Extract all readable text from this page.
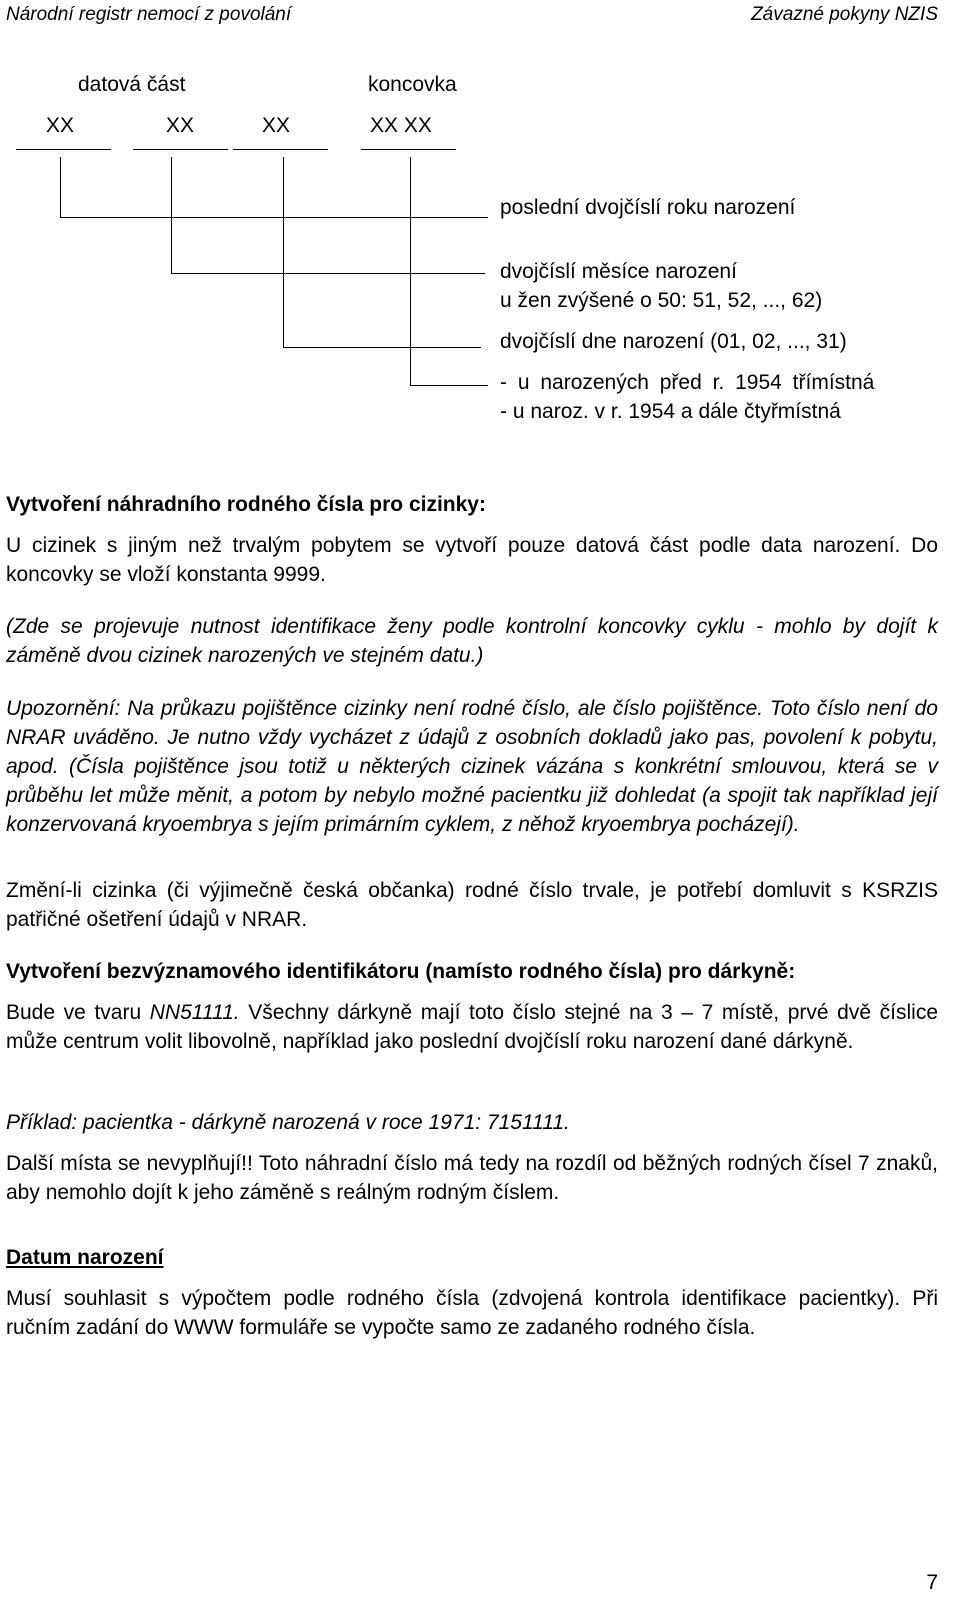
Národní registr nemocí z povolání	Závazné pokyny NZIS
datová část	koncovka
XX	XX	XX	XX XX
poslední dvojčíslí roku narození
dvojčíslí měsíce narození
u žen zvýšené o 50: 51, 52, ..., 62)
dvojčíslí dne narození (01, 02, ..., 31)
- u narozených před r. 1954 třímístná
- u naroz. v r. 1954 a dále čtyřmístná
Vytvoření náhradního rodného čísla pro cizinky:
U cizinek s jiným než trvalým pobytem se vytvoří pouze datová část podle data narození. Do koncovky se vloží konstanta 9999.
(Zde se projevuje nutnost identifikace ženy podle kontrolní koncovky cyklu - mohlo by dojít k záměně dvou cizinek narozených ve stejném datu.)
Upozornění: Na průkazu pojištěnce cizinky není rodné číslo, ale číslo pojištěnce. Toto číslo není do NRAR uváděno. Je nutno vždy vycházet z údajů z osobních dokladů jako pas, povolení k pobytu, apod. (Čísla pojištěnce jsou totiž u některých cizinek vázána s konkrétní smlouvou, která se v průběhu let může měnit, a potom by nebylo možné pacientku již dohledat (a spojit tak například její konzervovaná kryoembrya s jejím primárním cyklem, z něhož kryoembrya pocházejí).
Změní-li cizinka (či výjimečně česká občanka) rodné číslo trvale, je potřebí domluvit s KSRZIS patřičné ošetření údajů v NRAR.
Vytvoření bezvýznamového identifikátoru (namísto rodného čísla) pro dárkyně:
Bude ve tvaru NN51111. Všechny dárkyně mají toto číslo stejné na 3 – 7 místě, prvé dvě číslice může centrum volit libovolně, například jako poslední dvojčíslí roku narození dané dárkyně.
Příklad: pacientka - dárkyně narozená v roce 1971: 7151111.
Další místa se nevyplňují!! Toto náhradní číslo má tedy na rozdíl od běžných rodných čísel 7 znaků, aby nemohlo dojít k jeho záměně s reálným rodným číslem.
Datum narození
Musí souhlasit s výpočtem podle rodného čísla (zdvojená kontrola identifikace pacientky). Při ručním zadání do WWW formuláře se vypočte samo ze zadaného rodného čísla.
7
